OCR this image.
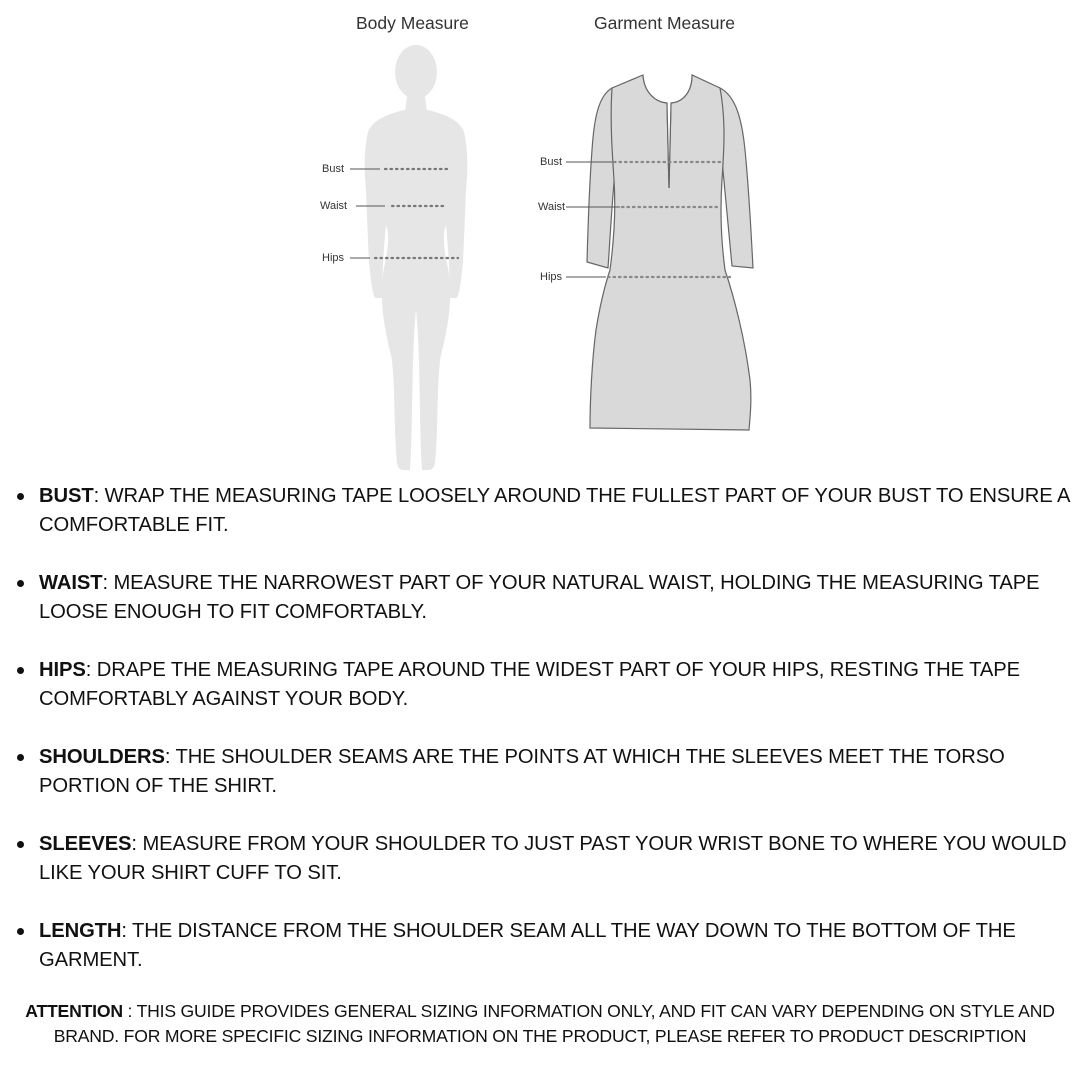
Body Measure	Garment Measure
Bust
Waist
Hips
Bust
Waist
Hips
BUST: WRAP THE MEASURING TAPE LOOSELY AROUND THE FULLEST PART OF YOUR BUST TO ENSURE A COMFORTABLE FIT.
WAIST: MEASURE THE NARROWEST PART OF YOUR NATURAL WAIST, HOLDING THE MEASURING TAPE LOOSE ENOUGH TO FIT COMFORTABLY.
HIPS: DRAPE THE MEASURING TAPE AROUND THE WIDEST PART OF YOUR HIPS, RESTING THE TAPE COMFORTABLY AGAINST YOUR BODY.
SHOULDERS: THE SHOULDER SEAMS ARE THE POINTS AT WHICH THE SLEEVES MEET THE TORSO PORTION OF THE SHIRT.
SLEEVES: MEASURE FROM YOUR SHOULDER TO JUST PAST YOUR WRIST BONE TO WHERE YOU WOULD LIKE YOUR SHIRT CUFF TO SIT.
LENGTH: THE DISTANCE FROM THE SHOULDER SEAM ALL THE WAY DOWN TO THE BOTTOM OF THE GARMENT.
ATTENTION : THIS GUIDE PROVIDES GENERAL SIZING INFORMATION ONLY, AND FIT CAN VARY DEPENDING ON STYLE AND BRAND. FOR MORE SPECIFIC SIZING INFORMATION ON THE PRODUCT, PLEASE REFER TO PRODUCT DESCRIPTION
